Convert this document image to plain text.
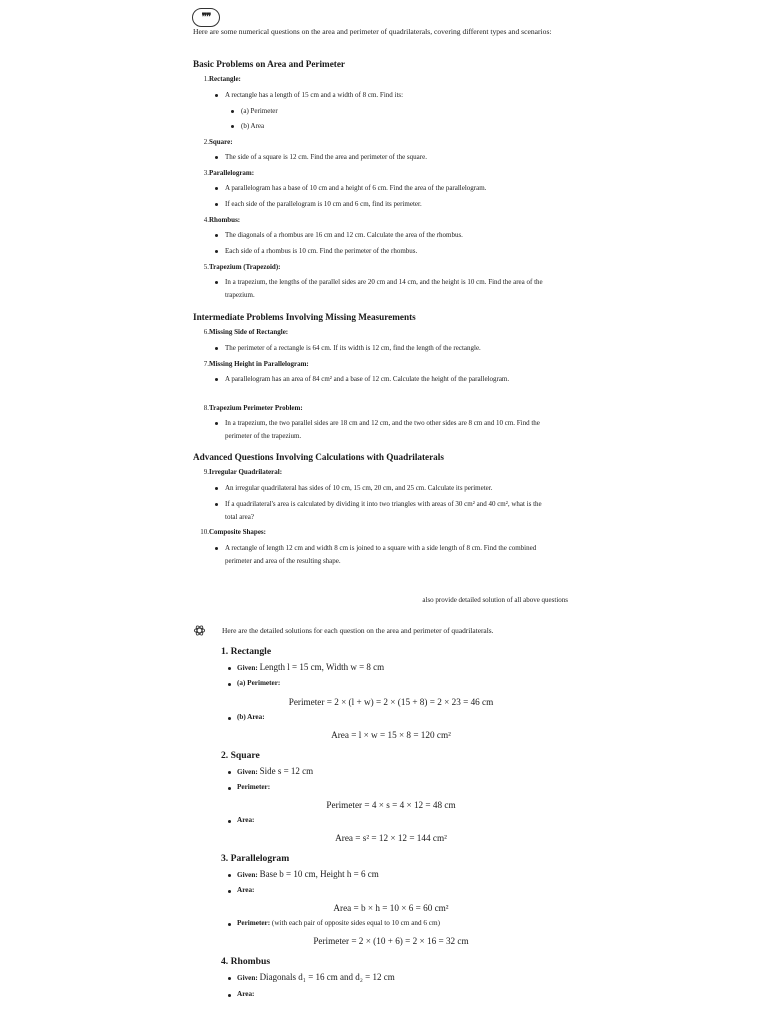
❞❞
Here are some numerical questions on the area and perimeter of quadrilaterals, covering different types and scenarios:
Basic Problems on Area and Perimeter
1. Rectangle:
A rectangle has a length of 15 cm and a width of 8 cm. Find its:
(a) Perimeter
(b) Area
2. Square:
The side of a square is 12 cm. Find the area and perimeter of the square.
3. Parallelogram:
A parallelogram has a base of 10 cm and a height of 6 cm. Find the area of the parallelogram.
If each side of the parallelogram is 10 cm and 6 cm, find its perimeter.
4. Rhombus:
The diagonals of a rhombus are 16 cm and 12 cm. Calculate the area of the rhombus.
Each side of a rhombus is 10 cm. Find the perimeter of the rhombus.
5. Trapezium (Trapezoid):
In a trapezium, the lengths of the parallel sides are 20 cm and 14 cm, and the height is 10 cm. Find the area of the trapezium.
Intermediate Problems Involving Missing Measurements
6. Missing Side of Rectangle:
The perimeter of a rectangle is 64 cm. If its width is 12 cm, find the length of the rectangle.
7. Missing Height in Parallelogram:
A parallelogram has an area of 84 cm² and a base of 12 cm. Calculate the height of the parallelogram.
8. Trapezium Perimeter Problem:
In a trapezium, the two parallel sides are 18 cm and 12 cm, and the two other sides are 8 cm and 10 cm. Find the perimeter of the trapezium.
Advanced Questions Involving Calculations with Quadrilaterals
9. Irregular Quadrilateral:
An irregular quadrilateral has sides of 10 cm, 15 cm, 20 cm, and 25 cm. Calculate its perimeter.
If a quadrilateral's area is calculated by dividing it into two triangles with areas of 30 cm² and 40 cm², what is the total area?
10. Composite Shapes:
A rectangle of length 12 cm and width 8 cm is joined to a square with a side length of 8 cm. Find the combined perimeter and area of the resulting shape.
also provide detailed solution of all above questions
Here are the detailed solutions for each question on the area and perimeter of quadrilaterals.
1. Rectangle
Given: Length l = 15 cm, Width w = 8 cm
(a) Perimeter:
Perimeter = 2 × (l + w) = 2 × (15 + 8) = 2 × 23 = 46 cm
(b) Area:
Area = l × w = 15 × 8 = 120 cm²
2. Square
Given: Side s = 12 cm
Perimeter:
Perimeter = 4 × s = 4 × 12 = 48 cm
Area:
Area = s² = 12 × 12 = 144 cm²
3. Parallelogram
Given: Base b = 10 cm, Height h = 6 cm
Area:
Area = b × h = 10 × 6 = 60 cm²
Perimeter: (with each pair of opposite sides equal to 10 cm and 6 cm)
Perimeter = 2 × (10 + 6) = 2 × 16 = 32 cm
4. Rhombus
Given: Diagonals d₁ = 16 cm and d₂ = 12 cm
Area:
